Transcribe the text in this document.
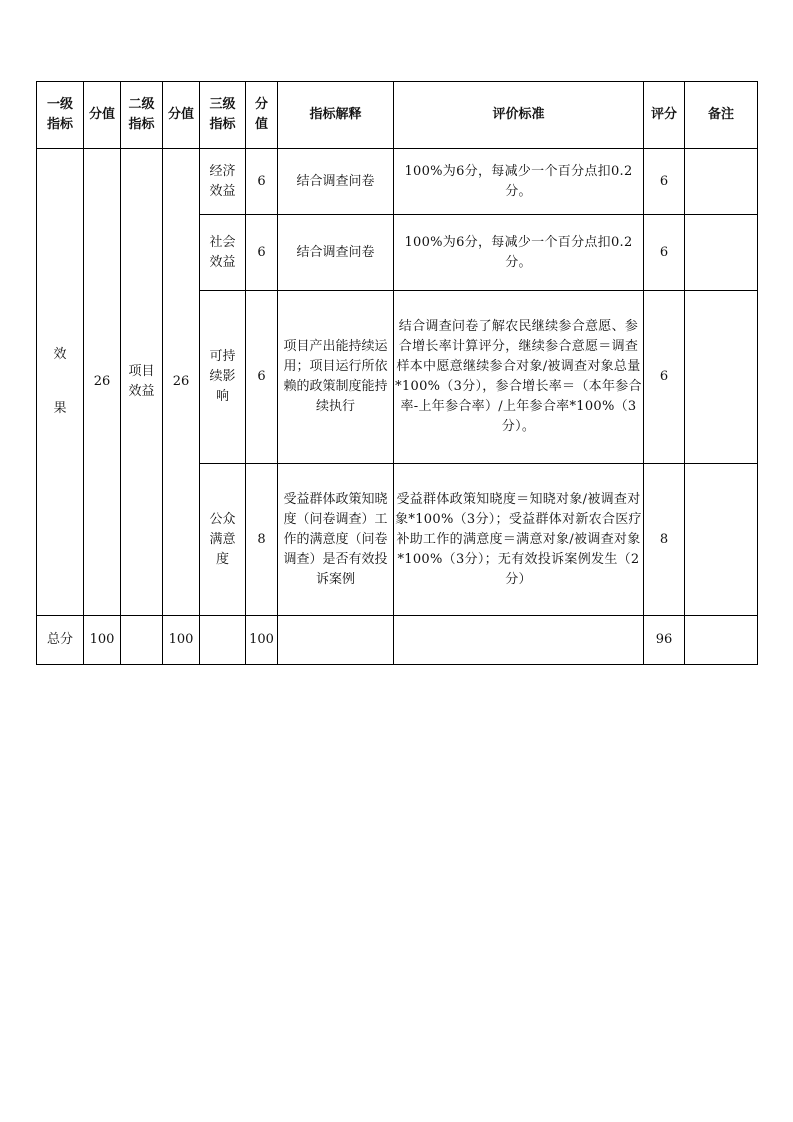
一级指标	分值	二级指标	分值	三级指标	分值	指标解释	评价标准	评分	备注
效果	26	项目效益	26	经济效益	6	结合调查问卷	100%为6分，每减少一个百分点扣0.2分。	6	
				社会效益	6	结合调查问卷	100%为6分，每减少一个百分点扣0.2分。	6	
				可持续影响	6	项目产出能持续运用；项目运行所依赖的政策制度能持续执行	结合调查问卷了解农民继续参合意愿、参合增长率计算评分，继续参合意愿＝调查样本中愿意继续参合对象/被调查对象总量*100%（3分），参合增长率＝（本年参合率-上年参合率）/上年参合率*100%（3分）。	6	
				公众满意度	8	受益群体政策知晓度（问卷调查）工作的满意度（问卷调查）是否有效投诉案例	受益群体政策知晓度＝知晓对象/被调查对象*100%（3分）；受益群体对新农合医疗补助工作的满意度＝满意对象/被调查对象*100%（3分）；无有效投诉案例发生（2分）	8	
总分	100		100		100			96	
